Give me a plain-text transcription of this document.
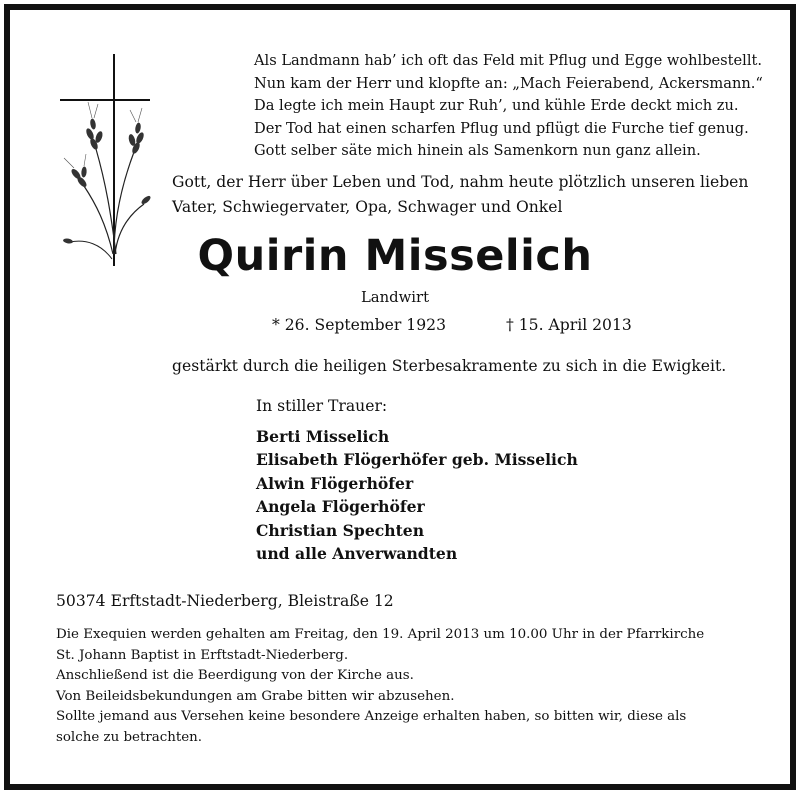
Als Landmann hab’ ich oft das Feld mit Pflug und Egge wohlbestellt.
Nun kam der Herr und klopfte an: „Mach Feierabend, Ackersmann.“
Da legte ich mein Haupt zur Ruh’, und kühle Erde deckt mich zu.
Der Tod hat einen scharfen Pflug und pflügt die Furche tief genug.
Gott selber säte mich hinein als Samenkorn nun ganz allein.
Gott, der Herr über Leben und Tod, nahm heute plötzlich unseren lieben
Vater, Schwiegervater, Opa, Schwager und Onkel
Quirin Misselich
Landwirt
* 26. September 1923	† 15. April 2013
gestärkt durch die heiligen Sterbesakramente zu sich in die Ewigkeit.
In stiller Trauer:
Berti Misselich
Elisabeth Flögerhöfer geb. Misselich
Alwin Flögerhöfer
Angela Flögerhöfer
Christian Spechten
und alle Anverwandten
50374 Erftstadt-Niederberg, Bleistraße 12
Die Exequien werden gehalten am Freitag, den 19. April 2013 um 10.00 Uhr in der Pfarrkirche
St. Johann Baptist in Erftstadt-Niederberg.
Anschließend ist die Beerdigung von der Kirche aus.
Von Beileidsbekundungen am Grabe bitten wir abzusehen.
Sollte jemand aus Versehen keine besondere Anzeige erhalten haben, so bitten wir, diese als
solche zu betrachten.
